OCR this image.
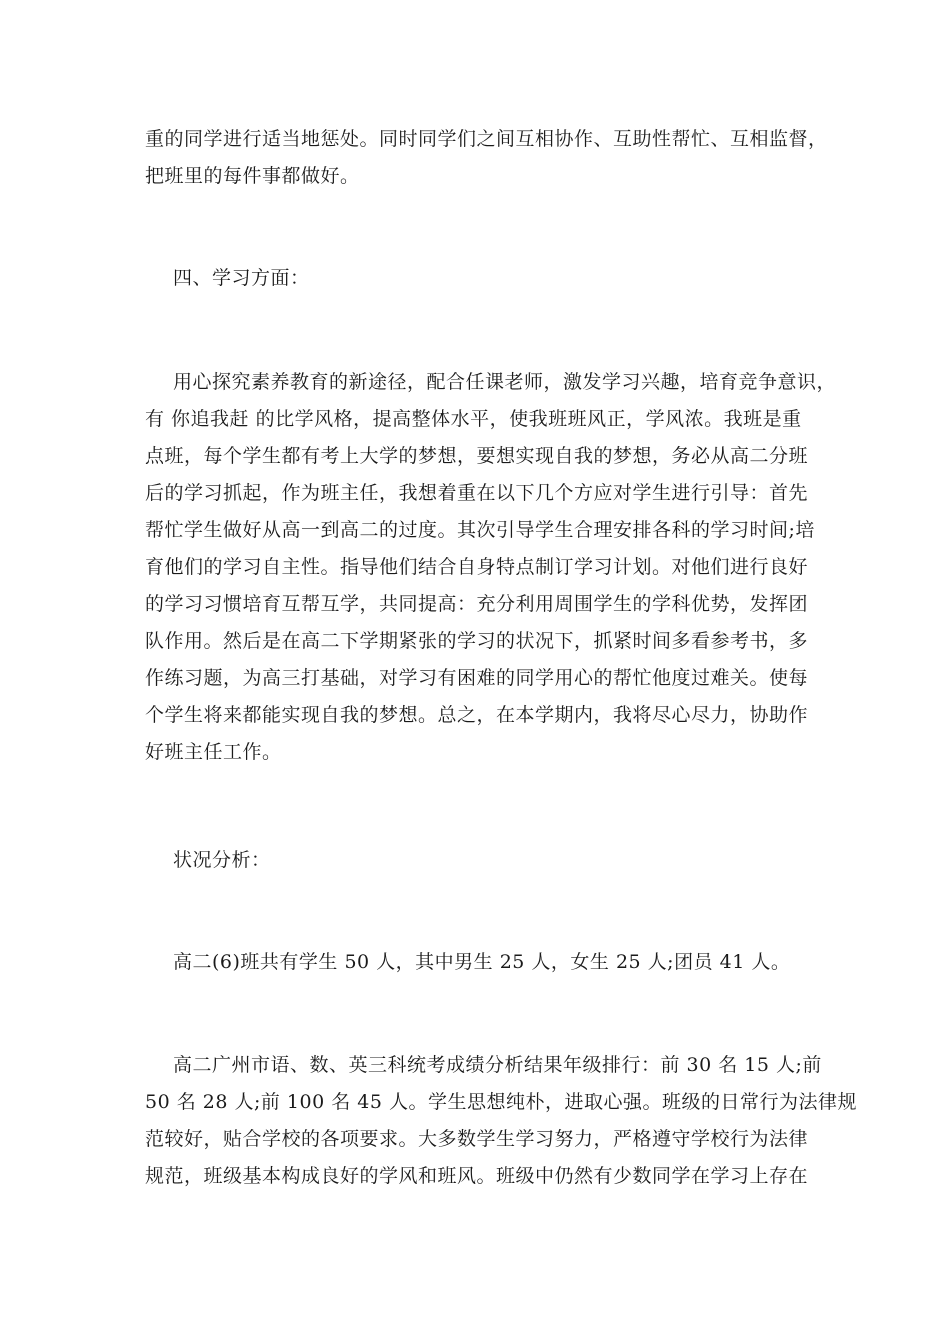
重的同学进行适当地惩处。同时同学们之间互相协作、互助性帮忙、互相监督，
把班里的每件事都做好。
四、学习方面：
用心探究素养教育的新途径，配合任课老师，激发学习兴趣，培育竞争意识，
有 你追我赶 的比学风格，提高整体水平，使我班班风正，学风浓。我班是重
点班，每个学生都有考上大学的梦想，要想实现自我的梦想，务必从高二分班
后的学习抓起，作为班主任，我想着重在以下几个方应对学生进行引导：首先
帮忙学生做好从高一到高二的过度。其次引导学生合理安排各科的学习时间;培
育他们的学习自主性。指导他们结合自身特点制订学习计划。对他们进行良好
的学习习惯培育互帮互学，共同提高：充分利用周围学生的学科优势，发挥团
队作用。然后是在高二下学期紧张的学习的状况下，抓紧时间多看参考书，多
作练习题，为高三打基础，对学习有困难的同学用心的帮忙他度过难关。使每
个学生将来都能实现自我的梦想。总之，在本学期内，我将尽心尽力，协助作
好班主任工作。
状况分析：
高二(6)班共有学生 50 人，其中男生 25 人，女生 25 人;团员 41 人。
高二广州市语、数、英三科统考成绩分析结果年级排行：前 30 名 15 人;前
50 名 28 人;前 100 名 45 人。学生思想纯朴，进取心强。班级的日常行为法律规
范较好，贴合学校的各项要求。大多数学生学习努力，严格遵守学校行为法律
规范，班级基本构成良好的学风和班风。班级中仍然有少数同学在学习上存在
